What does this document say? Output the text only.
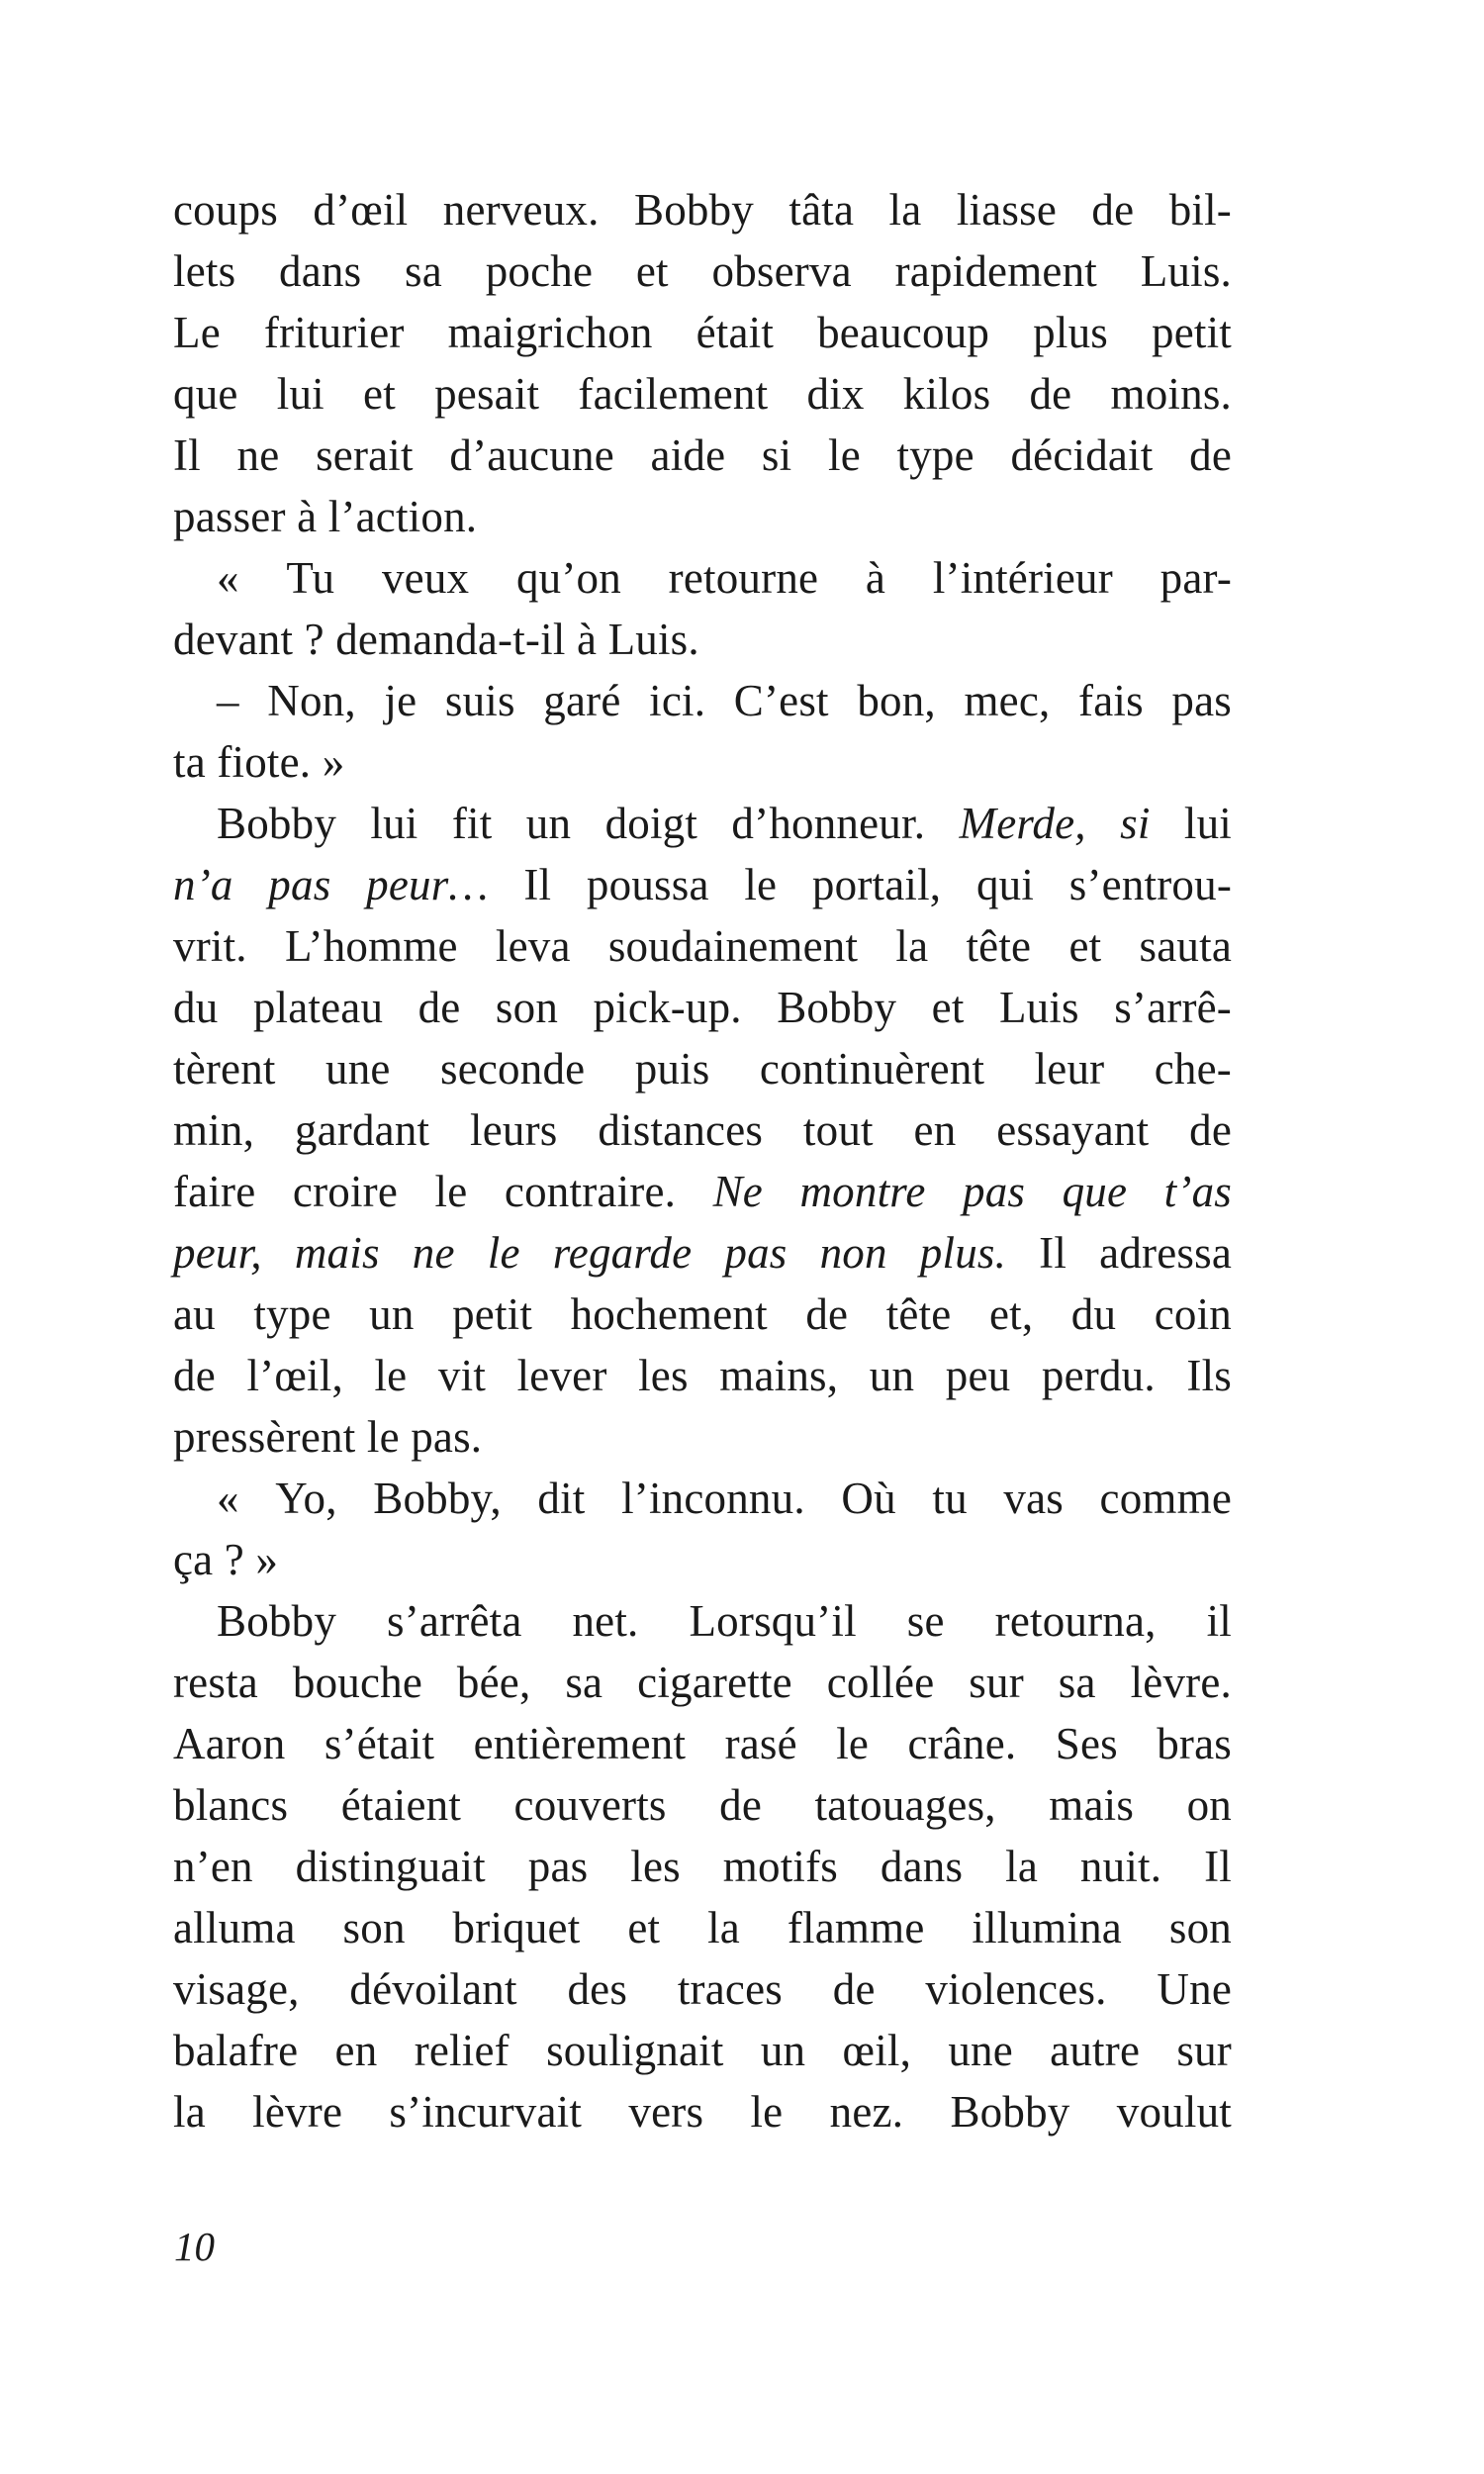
coups d’œil nerveux. Bobby tâta la liasse de bil-
lets dans sa poche et observa rapidement Luis.
Le friturier maigrichon était beaucoup plus petit
que lui et pesait facilement dix kilos de moins.
Il ne serait d’aucune aide si le type décidait de
passer à l’action.
« Tu veux qu’on retourne à l’intérieur par-
devant ? demanda-t-il à Luis.
– Non, je suis garé ici. C’est bon, mec, fais pas
ta fiote. »
Bobby lui fit un doigt d’honneur. Merde, si lui
n’a pas peur… Il poussa le portail, qui s’entrou-
vrit. L’homme leva soudainement la tête et sauta
du plateau de son pick-up. Bobby et Luis s’arrê-
tèrent une seconde puis continuèrent leur che-
min, gardant leurs distances tout en essayant de
faire croire le contraire. Ne montre pas que t’as
peur, mais ne le regarde pas non plus. Il adressa
au type un petit hochement de tête et, du coin
de l’œil, le vit lever les mains, un peu perdu. Ils
pressèrent le pas.
« Yo, Bobby, dit l’inconnu. Où tu vas comme
ça ? »
Bobby s’arrêta net. Lorsqu’il se retourna, il
resta bouche bée, sa cigarette collée sur sa lèvre.
Aaron s’était entièrement rasé le crâne. Ses bras
blancs étaient couverts de tatouages, mais on
n’en distinguait pas les motifs dans la nuit. Il
alluma son briquet et la flamme illumina son
visage, dévoilant des traces de violences. Une
balafre en relief soulignait un œil, une autre sur
la lèvre s’incurvait vers le nez. Bobby voulut
10
